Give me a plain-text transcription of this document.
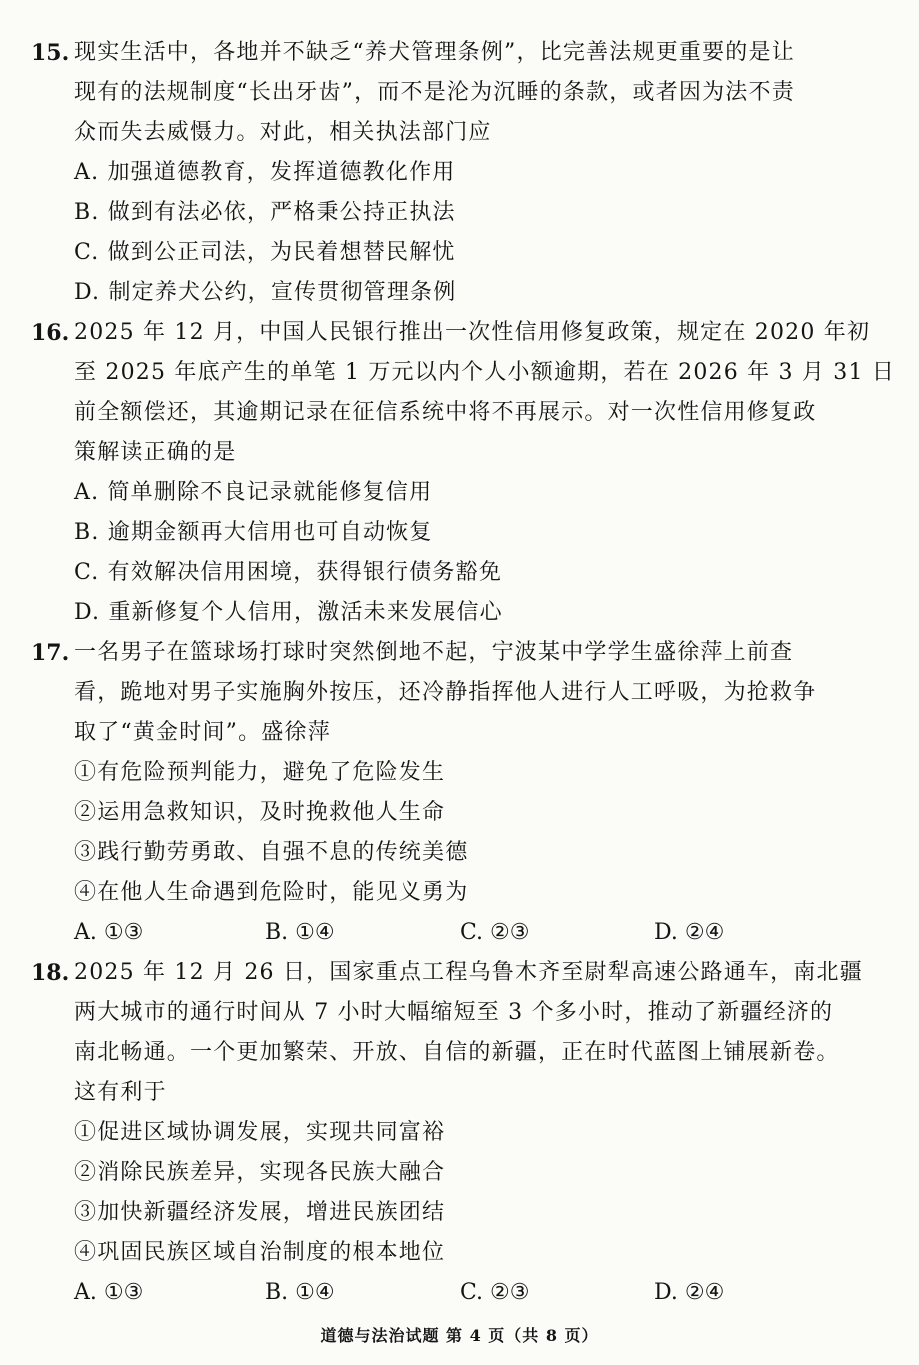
15. 现实生活中，各地并不缺乏“养犬管理条例”，比完善法规更重要的是让
现有的法规制度“长出牙齿”，而不是沦为沉睡的条款，或者因为法不责
众而失去威慑力。对此，相关执法部门应
A. 加强道德教育，发挥道德教化作用
B. 做到有法必依，严格秉公持正执法
C. 做到公正司法，为民着想替民解忧
D. 制定养犬公约，宣传贯彻管理条例
16. 2025 年 12 月，中国人民银行推出一次性信用修复政策，规定在 2020 年初
至 2025 年底产生的单笔 1 万元以内个人小额逾期，若在 2026 年 3 月 31 日
前全额偿还，其逾期记录在征信系统中将不再展示。对一次性信用修复政
策解读正确的是
A. 简单删除不良记录就能修复信用
B. 逾期金额再大信用也可自动恢复
C. 有效解决信用困境，获得银行债务豁免
D. 重新修复个人信用，激活未来发展信心
17. 一名男子在篮球场打球时突然倒地不起，宁波某中学学生盛徐萍上前查
看，跪地对男子实施胸外按压，还冷静指挥他人进行人工呼吸，为抢救争
取了“黄金时间”。盛徐萍
①有危险预判能力，避免了危险发生
②运用急救知识，及时挽救他人生命
③践行勤劳勇敢、自强不息的传统美德
④在他人生命遇到危险时，能见义勇为
A. ①③	B. ①④	C. ②③	D. ②④
18. 2025 年 12 月 26 日，国家重点工程乌鲁木齐至尉犁高速公路通车，南北疆
两大城市的通行时间从 7 小时大幅缩短至 3 个多小时，推动了新疆经济的
南北畅通。一个更加繁荣、开放、自信的新疆，正在时代蓝图上铺展新卷。
这有利于
①促进区域协调发展，实现共同富裕
②消除民族差异，实现各民族大融合
③加快新疆经济发展，增进民族团结
④巩固民族区域自治制度的根本地位
A. ①③	B. ①④	C. ②③	D. ②④
道德与法治试题 第 4 页（共 8 页）
